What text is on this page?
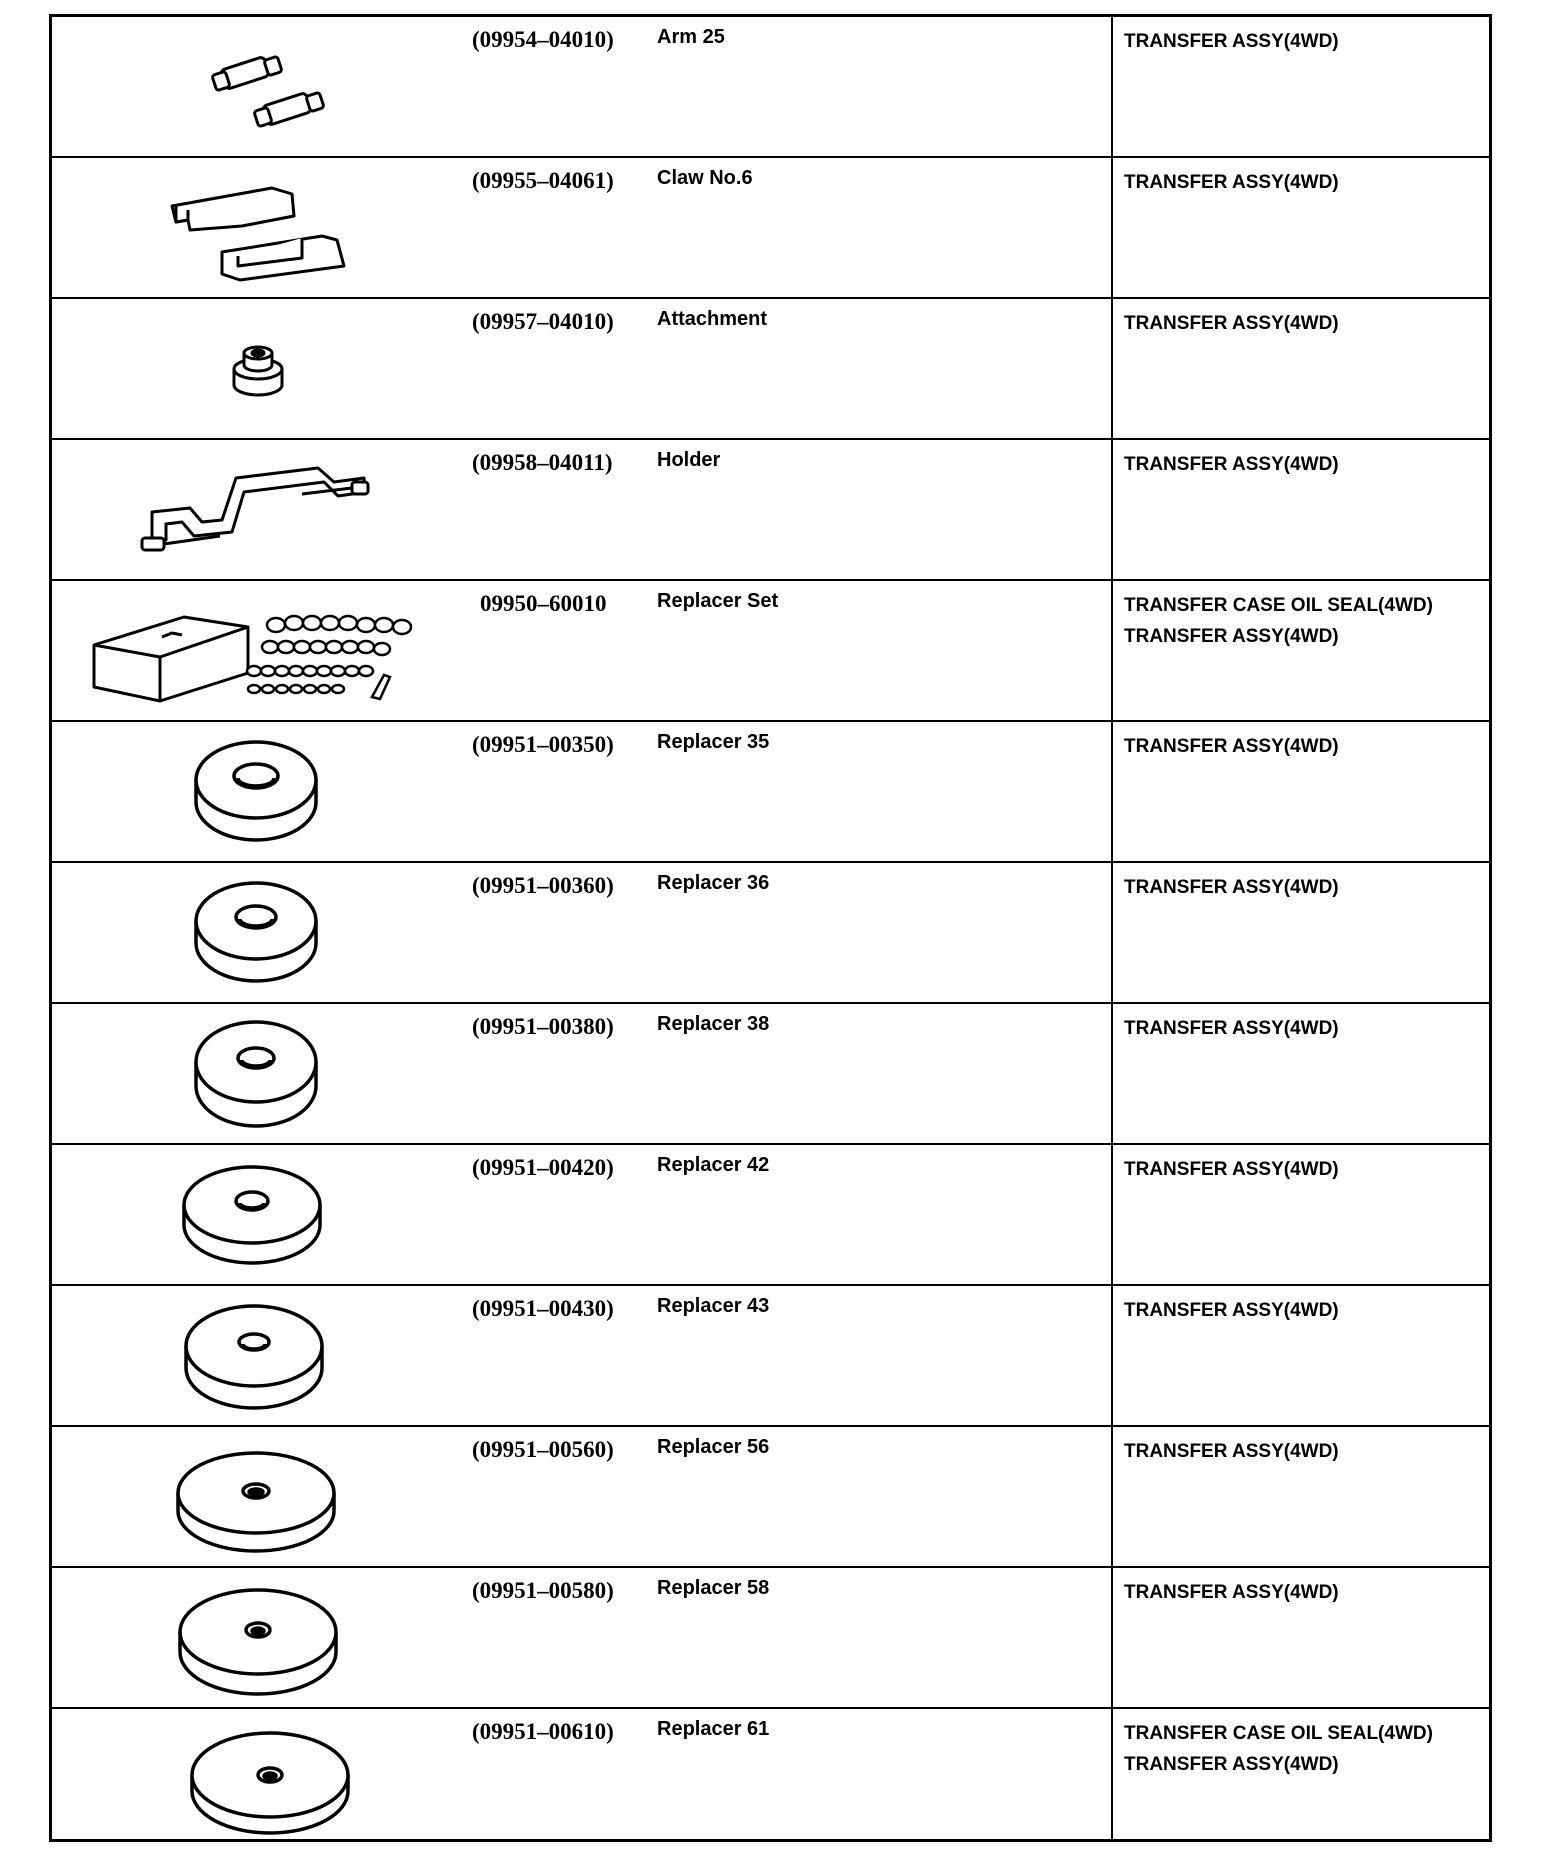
(09954–04010) Arm 25	TRANSFER ASSY(4WD)
(09955–04061) Claw No.6	TRANSFER ASSY(4WD)
(09957–04010) Attachment	TRANSFER ASSY(4WD)
(09958–04011) Holder	TRANSFER ASSY(4WD)
09950–60010	Replacer Set	TRANSFER CASE OIL SEAL(4WD)
TRANSFER ASSY(4WD)
(09951–00350) Replacer 35	TRANSFER ASSY(4WD)
(09951–00360) Replacer 36	TRANSFER ASSY(4WD)
(09951–00380) Replacer 38	TRANSFER ASSY(4WD)
(09951–00420) Replacer 42	TRANSFER ASSY(4WD)
(09951–00430) Replacer 43	TRANSFER ASSY(4WD)
(09951–00560) Replacer 56	TRANSFER ASSY(4WD)
(09951–00580) Replacer 58	TRANSFER ASSY(4WD)
(09951–00610) Replacer 61	TRANSFER CASE OIL SEAL(4WD)
TRANSFER ASSY(4WD)
